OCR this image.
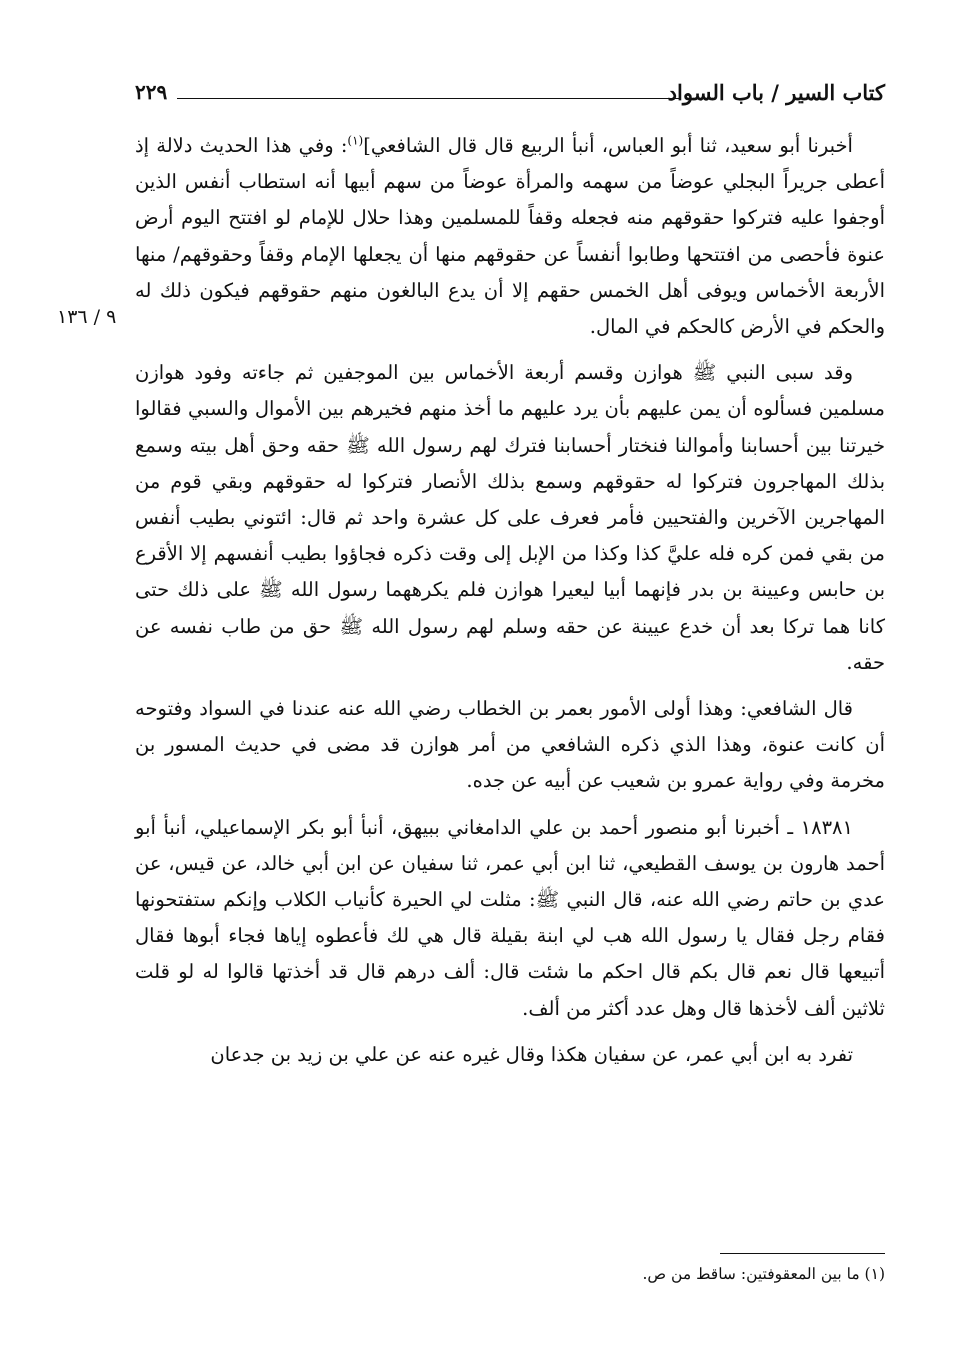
كتاب السير / باب السواد
٢٢٩
٩ / ١٣٦

أخبرنا أبو سعيد، ثنا أبو العباس، أنبأ الربيع قال قال الشافعي]$^{(١)}$: وفي هذا الحديث دلالة إذ أعطى جريراً البجلي عوضاً من سهمه والمرأة عوضاً من سهم أبيها أنه استطاب أنفس الذين أوجفوا عليه فتركوا حقوقهم منه فجعله وقفاً للمسلمين وهذا حلال للإمام لو افتتح اليوم أرض عنوة فأحصى من افتتحها وطابوا أنفساً عن حقوقهم منها أن يجعلها الإمام وقفاً وحقوقهم/ منها الأربعة الأخماس ويوفى أهل الخمس حقهم إلا أن يدع البالغون منهم حقوقهم فيكون ذلك له والحكم في الأرض كالحكم في المال.

وقد سبى النبي ﷺ هوازن وقسم أربعة الأخماس بين الموجفين ثم جاءته وفود هوازن مسلمين فسألوه أن يمن عليهم بأن يرد عليهم ما أخذ منهم فخيرهم بين الأموال والسبي فقالوا خيرتنا بين أحسابنا وأموالنا فنختار أحسابنا فترك لهم رسول الله ﷺ حقه وحق أهل بيته وسمع بذلك المهاجرون فتركوا له حقوقهم وسمع بذلك الأنصار فتركوا له حقوقهم وبقي قوم من المهاجرين الآخرين والفتحيين فأمر فعرف على كل عشرة واحد ثم قال: ائتوني بطيب أنفس من بقي فمن كره فله عليَّ كذا وكذا من الإبل إلى وقت ذكره فجاؤوا بطيب أنفسهم إلا الأقرع بن حابس وعيينة بن بدر فإنهما أبيا ليعيرا هوازن فلم يكرههما رسول الله ﷺ على ذلك حتى كانا هما تركا بعد أن خدع عيينة عن حقه وسلم لهم رسول الله ﷺ حق من طاب نفسه عن حقه.

قال الشافعي: وهذا أولى الأمور بعمر بن الخطاب رضي الله عنه عندنا في السواد وفتوحه أن كانت عنوة، وهذا الذي ذكره الشافعي من أمر هوازن قد مضى في حديث المسور بن مخرمة وفي رواية عمرو بن شعيب عن أبيه عن جده.

١٨٣٨١ ـ أخبرنا أبو منصور أحمد بن علي الدامغاني ببيهق، أنبأ أبو بكر الإسماعيلي، أنبأ أبو أحمد هارون بن يوسف القطيعي، ثنا ابن أبي عمر، ثنا سفيان عن ابن أبي خالد، عن قيس، عن عدي بن حاتم رضي الله عنه، قال النبي ﷺ: مثلت لي الحيرة كأنياب الكلاب وإنكم ستفتحونها فقام رجل فقال يا رسول الله هب لي ابنة بقيلة قال هي لك فأعطوه إياها فجاء أبوها فقال أتبيعها قال نعم قال بكم قال احكم ما شئت قال: ألف درهم قال قد أخذتها قالوا له لو قلت ثلاثين ألف لأخذها قال وهل عدد أكثر من ألف.

تفرد به ابن أبي عمر، عن سفيان هكذا وقال غيره عنه عن علي بن زيد بن جدعان

(١) ما بين المعقوفتين: ساقط من ص.
